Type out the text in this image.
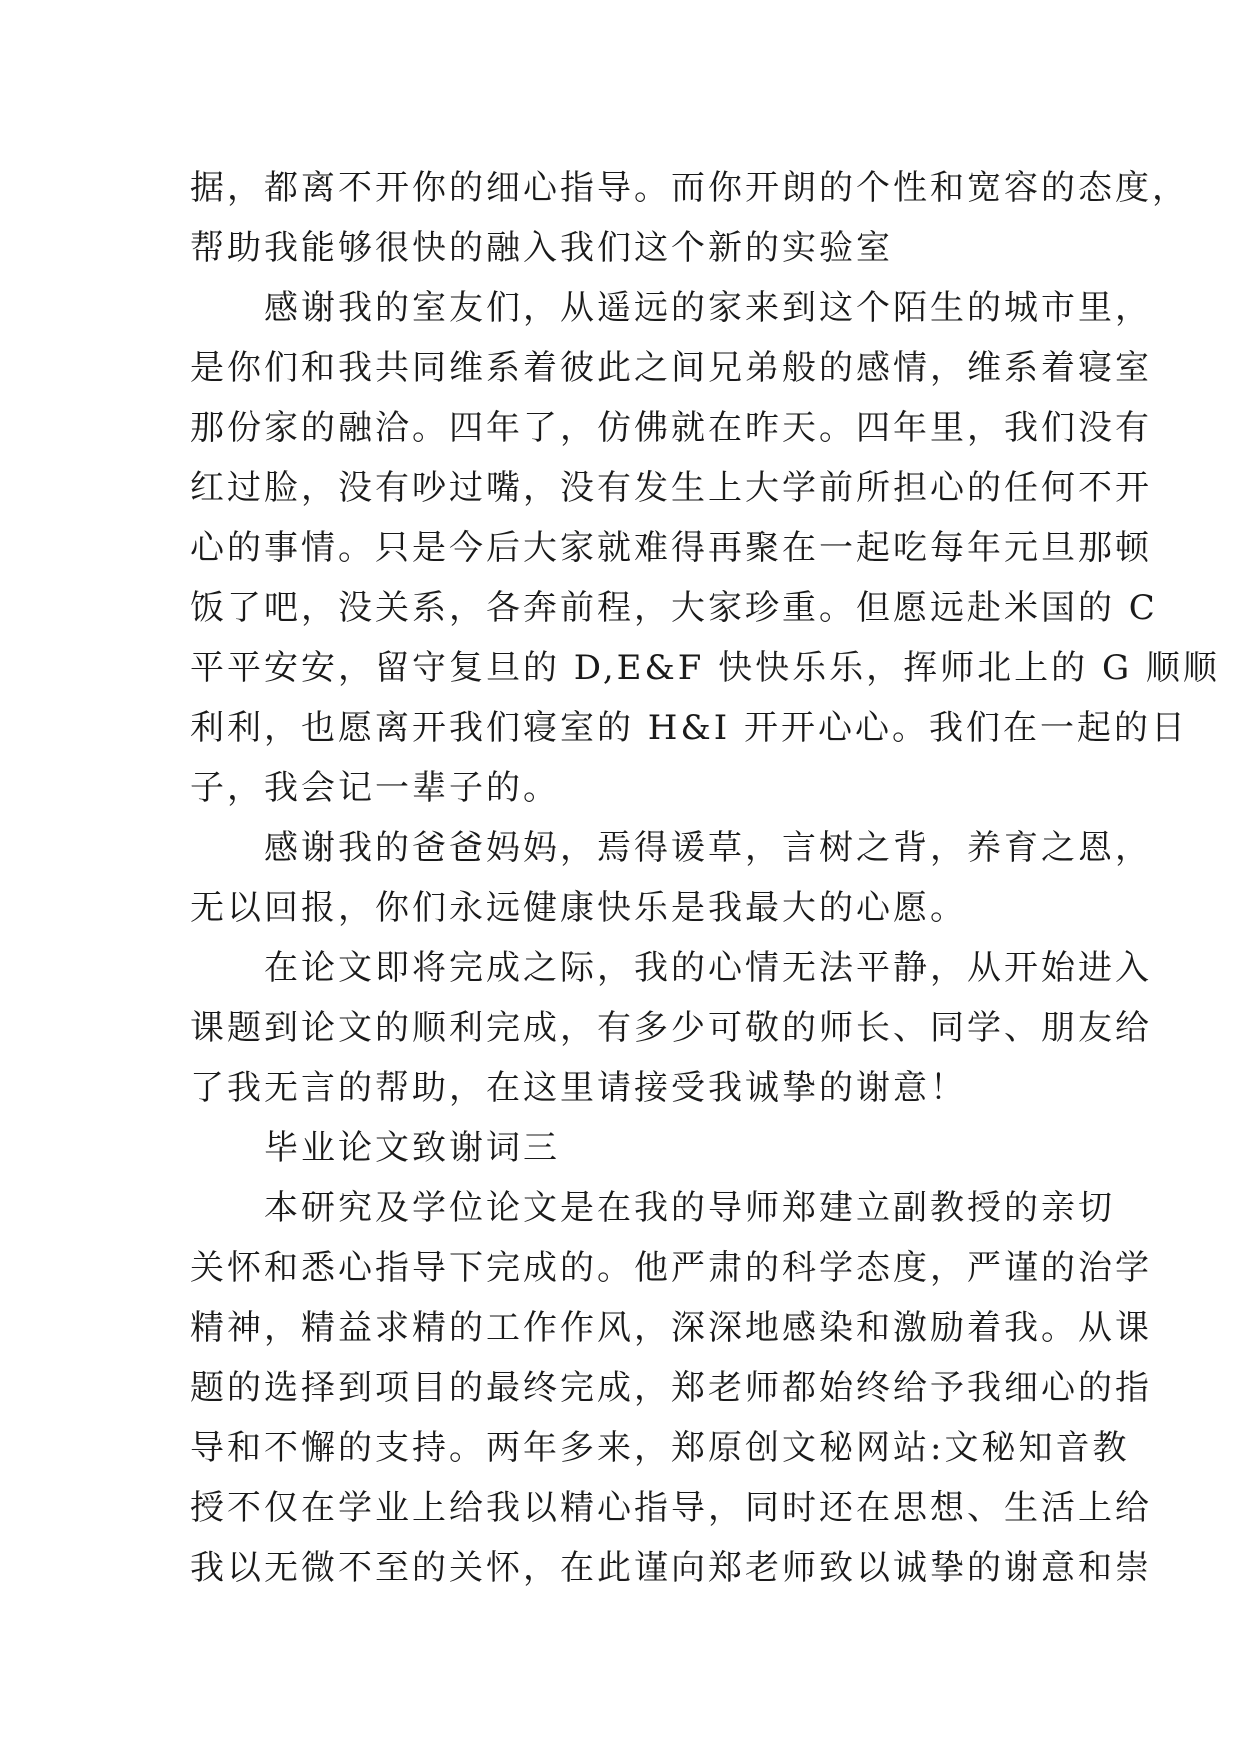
据，都离不开你的细心指导。而你开朗的个性和宽容的态度，
帮助我能够很快的融入我们这个新的实验室
感谢我的室友们，从遥远的家来到这个陌生的城市里，
是你们和我共同维系着彼此之间兄弟般的感情，维系着寝室
那份家的融洽。四年了，仿佛就在昨天。四年里，我们没有
红过脸，没有吵过嘴，没有发生上大学前所担心的任何不开
心的事情。只是今后大家就难得再聚在一起吃每年元旦那顿
饭了吧，没关系，各奔前程，大家珍重。但愿远赴米国的 C
平平安安，留守复旦的 D,E&F 快快乐乐，挥师北上的 G 顺顺
利利，也愿离开我们寝室的 H&I 开开心心。我们在一起的日
子，我会记一辈子的。
感谢我的爸爸妈妈，焉得谖草，言树之背，养育之恩，
无以回报，你们永远健康快乐是我最大的心愿。
在论文即将完成之际，我的心情无法平静，从开始进入
课题到论文的顺利完成，有多少可敬的师长、同学、朋友给
了我无言的帮助，在这里请接受我诚挚的谢意！
毕业论文致谢词三
本研究及学位论文是在我的导师郑建立副教授的亲切
关怀和悉心指导下完成的。他严肃的科学态度，严谨的治学
精神，精益求精的工作作风，深深地感染和激励着我。从课
题的选择到项目的最终完成，郑老师都始终给予我细心的指
导和不懈的支持。两年多来，郑原创文秘网站:文秘知音教
授不仅在学业上给我以精心指导，同时还在思想、生活上给
我以无微不至的关怀，在此谨向郑老师致以诚挚的谢意和崇
